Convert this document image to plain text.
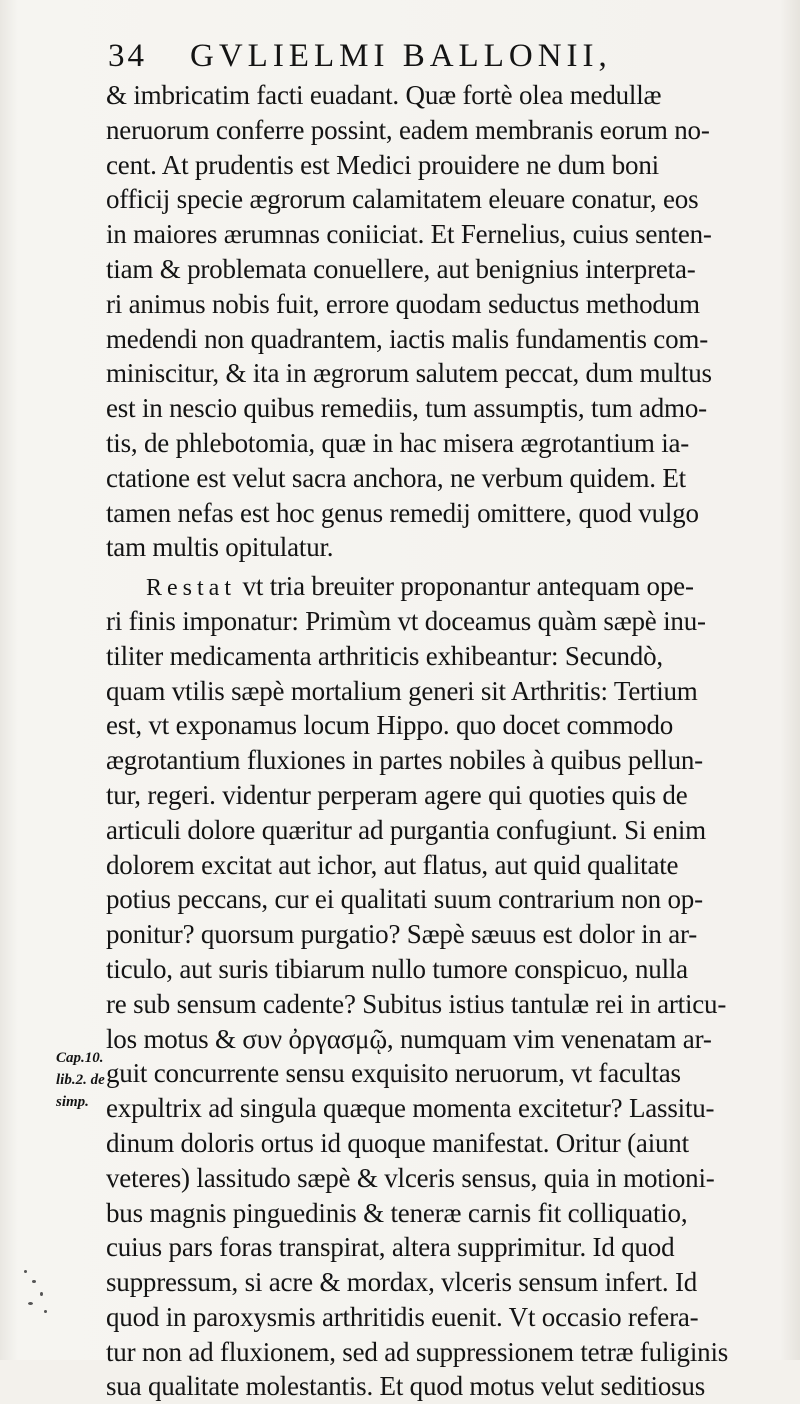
34 GVLIELMI BALLONII,
& imbricatim facti euadant. Quæ fortè olea medullæ
neruorum conferre possint, eadem membranis eorum no-
cent. At prudentis est Medici prouidere ne dum boni
officij specie ægrorum calamitatem eleuare conatur, eos
in maiores ærumnas coniiciat. Et Fernelius, cuius senten-
tiam & problemata conuellere, aut benignius interpreta-
ri animus nobis fuit, errore quodam seductus methodum
medendi non quadrantem, iactis malis fundamentis com-
miniscitur, & ita in ægrorum salutem peccat, dum multus
est in nescio quibus remediis, tum assumptis, tum admo-
tis, de phlebotomia, quæ in hac misera ægrotantium ia-
ctatione est velut sacra anchora, ne verbum quidem. Et
tamen nefas est hoc genus remedij omittere, quod vulgo
tam multis opitulatur.
Restat vt tria breuiter proponantur antequam ope-
ri finis imponatur: Primùm vt doceamus quàm sæpè inu-
tiliter medicamenta arthriticis exhibeantur: Secundò,
quam vtilis sæpè mortalium generi sit Arthritis: Tertium
est, vt exponamus locum Hippo. quo docet commodo
ægrotantium fluxiones in partes nobiles à quibus pellun-
tur, regeri. videntur perperam agere qui quoties quis de
articuli dolore quæritur ad purgantia confugiunt. Si enim
dolorem excitat aut ichor, aut flatus, aut quid qualitate
potius peccans, cur ei qualitati suum contrarium non op-
ponitur? quorsum purgatio? Sæpè sæuus est dolor in ar-
ticulo, aut suris tibiarum nullo tumore conspicuo, nulla
re sub sensum cadente? Subitus istius tantulæ rei in articu-
los motus & συν ὀργασμῷ, numquam vim venenatam ar-
guit concurrente sensu exquisito neruorum, vt facultas
expultrix ad singula quæque momenta excitetur? Lassitu-
dinum doloris ortus id quoque manifestat. Oritur (aiunt
veteres) lassitudo sæpè & vlceris sensus, quia in motioni-
bus magnis pinguedinis & teneræ carnis fit colliquatio,
cuius pars foras transpirat, altera supprimitur. Id quod
suppressum, si acre & mordax, vlceris sensum infert. Id
quod in paroxysmis arthritidis euenit. Vt occasio refera-
tur non ad fluxionem, sed ad suppressionem tetræ fuliginis
sua qualitate molestantis. Et quod motus velut seditiosus
Cap.10.
lib.2. de
simp.
